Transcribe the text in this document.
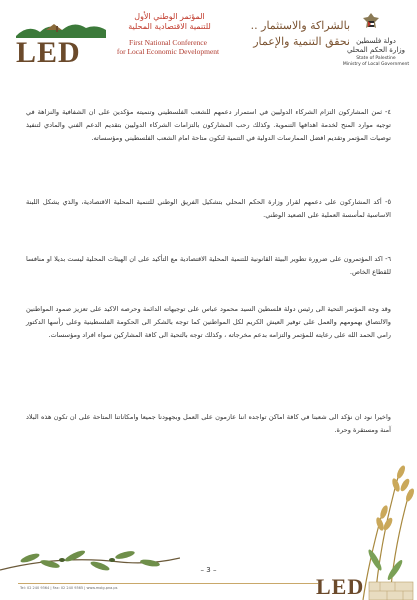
LED
المؤتمر الوطني الأول
للتنمية الاقتصادية المحلية
First National Conference
for Local Economic Development
بالشراكة والاستثمار ..
نحقق التنمية والإعمار دولة فلسطين
وزارة الحكم المحلي
State of Palestine
Ministry of Local Government

٤- ثمن المشاركون التزام الشركاء الدوليين في استمرار دعمهم للشعب الفلسطيني وتنميته مؤكدين على ان الشفافية والنزاهة في توجيه موارد المنح لخدمة اهدافها التنموية. وكذلك رحب المشاركون بالتزامات الشركاء الدوليين بتقديم الدعم الفني والمادي لتنفيذ توصيات المؤتمر وتقديم افضل الممارسات الدولية في التنمية لتكون متاحة امام الشعب الفلسطيني ومؤسساته.

٥- أكد المشاركون على دعمهم لقرار وزارة الحكم المحلي بتشكيل الفريق الوطني للتنمية المحلية الاقتصادية، والذي يشكل اللبنة الاساسية لمأسسة العملية على الصعيد الوطني.

٦- اكد المؤتمرون على ضرورة تطوير البيئة القانونية للتنمية المحلية الاقتصادية مع التأكيد على ان الهيئات المحلية ليست بديلا او منافسا للقطاع الخاص.

وقد وجه المؤتمر التحية الى رئيس دولة فلسطين السيد محمود عباس على توجيهاته الدائمة وحرصه الاكيد على تعزيز صمود المواطنين والالتصاق بهمومهم والعمل على توفير العيش الكريم لكل المواطنين كما توجه بالشكر الى الحكومة الفلسطينية وعلى رأسها الدكتور رامي الحمد الله على رعايته للمؤتمر والتزامه بدعم مخرجاته ، وكذلك توجه بالتحية الى كافة المشاركين سواء افراد ومؤسسات.

واخيرا نود ان نؤكد الى شعبنا في كافة اماكن تواجده اننا عازمون على العمل وبجهودنا جميعا وامكاناتنا المتاحة على ان تكون هذه البلاد آمنة ومستقرة وحرة.

– 3 –
Tel: 02 240 9364 | Fax: 02 240 9365 | www.molg.pna.ps	LED
